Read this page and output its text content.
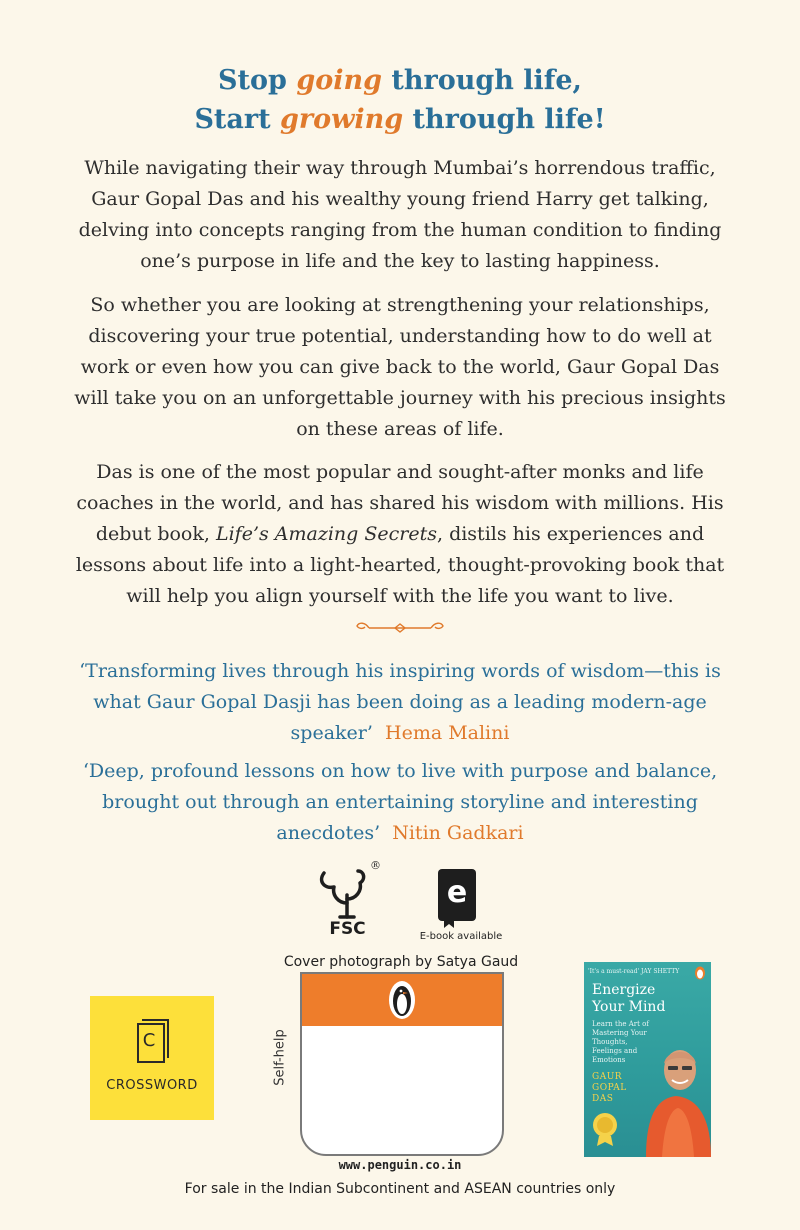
Stop going through life,
Start growing through life!

While navigating their way through Mumbai’s horrendous traffic, Gaur Gopal Das and his wealthy young friend Harry get talking, delving into concepts ranging from the human condition to finding one’s purpose in life and the key to lasting happiness.

So whether you are looking at strengthening your relationships, discovering your true potential, understanding how to do well at work or even how you can give back to the world, Gaur Gopal Das will take you on an unforgettable journey with his precious insights on these areas of life.

Das is one of the most popular and sought-after monks and life coaches in the world, and has shared his wisdom with millions. His debut book, Life’s Amazing Secrets, distils his experiences and lessons about life into a light-hearted, thought-provoking book that will help you align yourself with the life you want to live.

‘Transforming lives through his inspiring words of wisdom—this is what Gaur Gopal Dasji has been doing as a leading modern-age speaker’ Hema Malini

‘Deep, profound lessons on how to live with purpose and balance, brought out through an entertaining storyline and interesting anecdotes’ Nitin Gadkari

®
FSC
e
E-book available
Cover photograph by Satya Gaud
C
CROSSWORD	Self-help
www.penguin.co.in
For sale in the Indian Subcontinent and ASEAN countries only
'It's a must-read' JAY SHETTY
Energize
Your Mind
Learn the Art of Mastering Your Thoughts, Feelings and Emotions
GAUR
GOPAL
DAS
